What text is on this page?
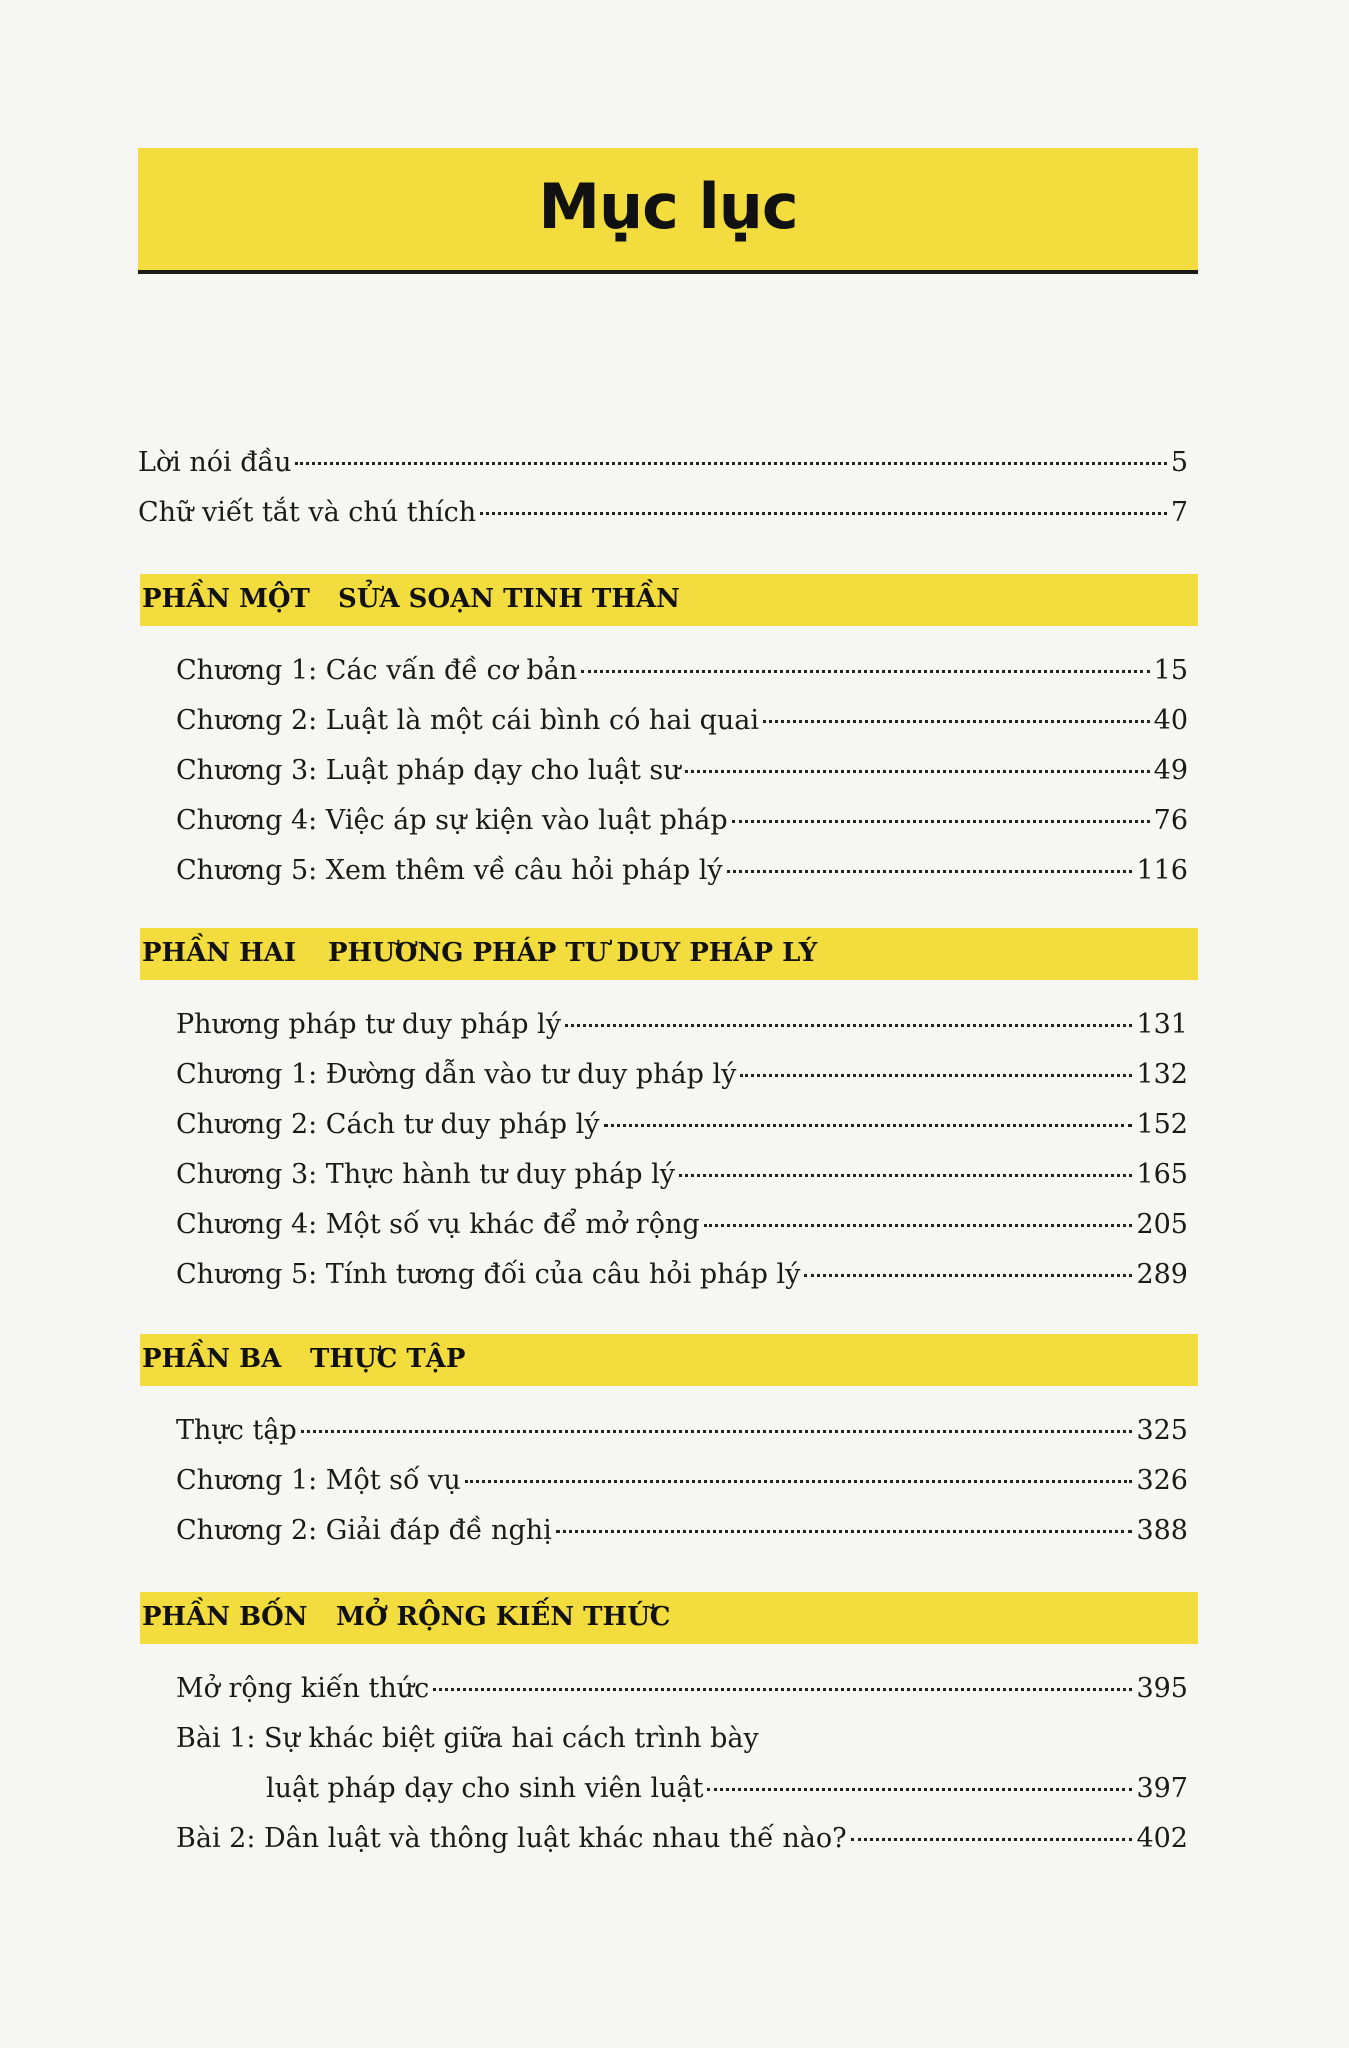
Mục lục
Lời nói đầu	5
Chữ viết tắt và chú thích	7
PHẦN MỘT SỬA SOẠN TINH THẦN
Chương 1: Các vấn đề cơ bản	15
Chương 2: Luật là một cái bình có hai quai	40
Chương 3: Luật pháp dạy cho luật sư	49
Chương 4: Việc áp sự kiện vào luật pháp	76
Chương 5: Xem thêm về câu hỏi pháp lý	116
PHẦN HAI PHƯƠNG PHÁP TƯ DUY PHÁP LÝ
Phương pháp tư duy pháp lý	131
Chương 1: Đường dẫn vào tư duy pháp lý	132
Chương 2: Cách tư duy pháp lý	152
Chương 3: Thực hành tư duy pháp lý	165
Chương 4: Một số vụ khác để mở rộng	205
Chương 5: Tính tương đối của câu hỏi pháp lý	289
PHẦN BA THỰC TẬP
Thực tập	325
Chương 1: Một số vụ	326
Chương 2: Giải đáp đề nghị	388
PHẦN BỐN MỞ RỘNG KIẾN THỨC
Mở rộng kiến thức	395
Bài 1: Sự khác biệt giữa hai cách trình bày
luật pháp dạy cho sinh viên luật	397
Bài 2: Dân luật và thông luật khác nhau thế nào?	402
